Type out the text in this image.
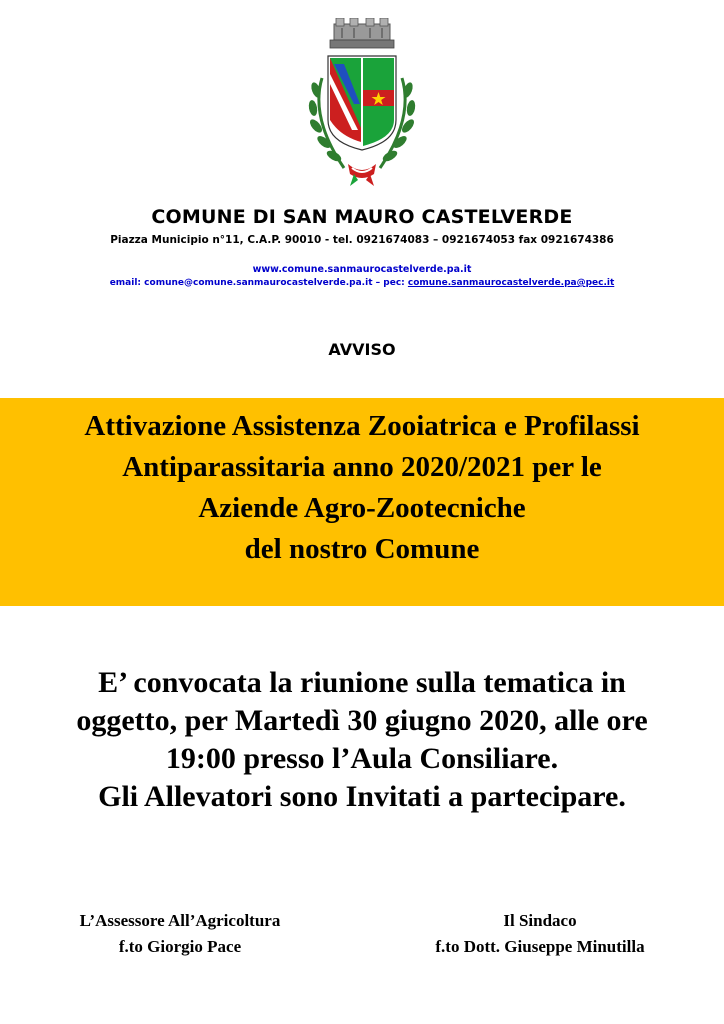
COMUNE DI SAN MAURO CASTELVERDE
Piazza Municipio n°11, C.A.P. 90010 - tel. 0921674083 – 0921674053 fax 0921674386
www.comune.sanmaurocastelverde.pa.it
email: comune@comune.sanmaurocastelverde.pa.it – pec: comune.sanmaurocastelverde.pa@pec.it
AVVISO
Attivazione Assistenza Zooiatrica e Profilassi
Antiparassitaria anno 2020/2021 per le
Aziende Agro-Zootecniche
del nostro Comune
E’ convocata la riunione sulla tematica in
oggetto, per Martedì 30 giugno 2020, alle ore
19:00 presso l’Aula Consiliare.
Gli Allevatori sono Invitati a partecipare.
L’Assessore All’Agricoltura
f.to Giorgio Pace
Il Sindaco
f.to Dott. Giuseppe Minutilla
